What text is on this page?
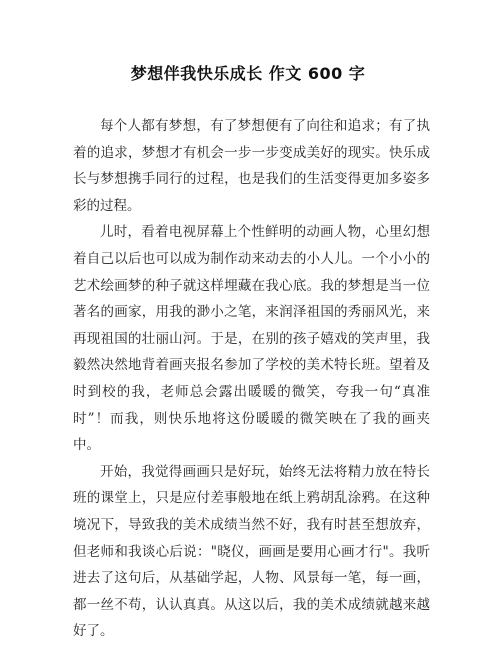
梦想伴我快乐成长 作文 600 字

每个人都有梦想，有了梦想便有了向往和追求；有了执着的追求，梦想才有机会一步一步变成美好的现实。快乐成长与梦想携手同行的过程，也是我们的生活变得更加多姿多彩的过程。

儿时，看着电视屏幕上个性鲜明的动画人物，心里幻想着自己以后也可以成为制作动来动去的小人儿。一个小小的艺术绘画梦的种子就这样埋藏在我心底。我的梦想是当一位著名的画家，用我的渺小之笔，来润泽祖国的秀丽风光，来再现祖国的壮丽山河。于是，在别的孩子嬉戏的笑声里，我毅然决然地背着画夹报名参加了学校的美术特长班。望着及时到校的我，老师总会露出暖暖的微笑，夸我一句“真准时”！而我，则快乐地将这份暖暖的微笑映在了我的画夹中。

开始，我觉得画画只是好玩，始终无法将精力放在特长班的课堂上，只是应付差事般地在纸上鸦胡乱涂鸦。在这种境况下，导致我的美术成绩当然不好，我有时甚至想放弃，但老师和我谈心后说："晓仪，画画是要用心画才行"。我听进去了这句后，从基础学起，人物、风景每一笔，每一画，都一丝不苟，认认真真。从这以后，我的美术成绩就越来越好了。
